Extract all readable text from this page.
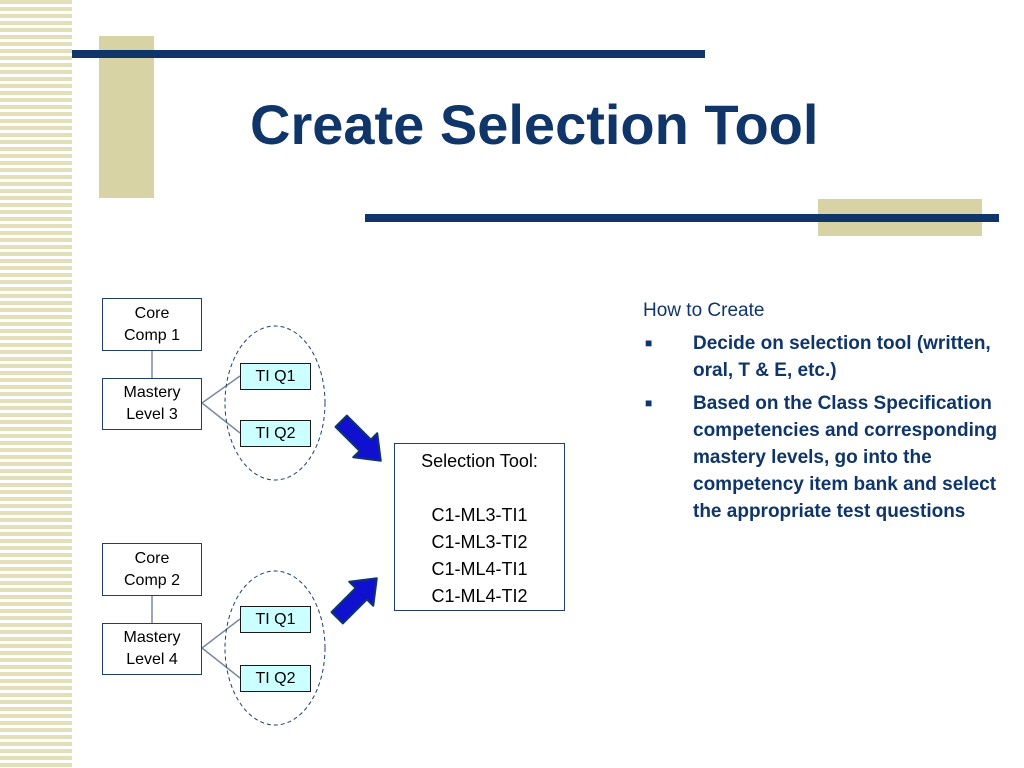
Create Selection Tool
Core
Comp 1
Mastery
Level 3
TI Q1
TI Q2
Core
Comp 2
Mastery
Level 4
TI Q1
TI Q2
Selection Tool:
C1-ML3-TI1
C1-ML3-TI2
C1-ML4-TI1
C1-ML4-TI2
How to Create
■ Decide on selection tool (written, oral, T & E, etc.)
■ Based on the Class Specification competencies and corresponding mastery levels, go into the competency item bank and select the appropriate test questions
